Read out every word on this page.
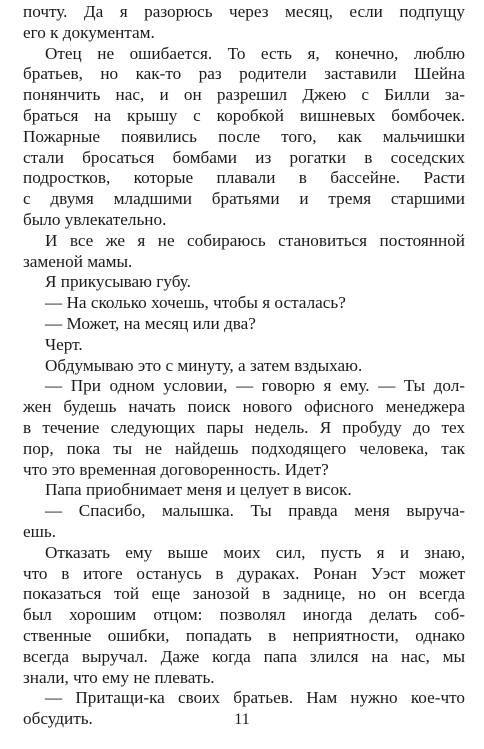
почту. Да я разорюсь через месяц, если подпущу
его к документам.
Отец не ошибается. То есть я, конечно, люблю
братьев, но как-то раз родители заставили Шейна
понянчить нас, и он разрешил Джею с Билли за-
браться на крышу с коробкой вишневых бомбочек.
Пожарные появились после того, как мальчишки
стали бросаться бомбами из рогатки в соседских
подростков, которые плавали в бассейне. Расти
с двумя младшими братьями и тремя старшими
было увлекательно.
И все же я не собираюсь становиться постоянной
заменой мамы.
Я прикусываю губу.
— На сколько хочешь, чтобы я осталась?
— Может, на месяц или два?
Черт.
Обдумываю это с минуту, а затем вздыхаю.
— При одном условии, — говорю я ему. — Ты дол-
жен будешь начать поиск нового офисного менеджера
в течение следующих пары недель. Я пробуду до тех
пор, пока ты не найдешь подходящего человека, так
что это временная договоренность. Идет?
Папа приобнимает меня и целует в висок.
— Спасибо, малышка. Ты правда меня выруча-
ешь.
Отказать ему выше моих сил, пусть я и знаю,
что в итоге останусь в дураках. Ронан Уэст может
показаться той еще занозой в заднице, но он всегда
был хорошим отцом: позволял иногда делать соб-
ственные ошибки, попадать в неприятности, однако
всегда выручал. Даже когда папа злился на нас, мы
знали, что ему не плевать.
— Притащи-ка своих братьев. Нам нужно кое-что
обсудить.	11
